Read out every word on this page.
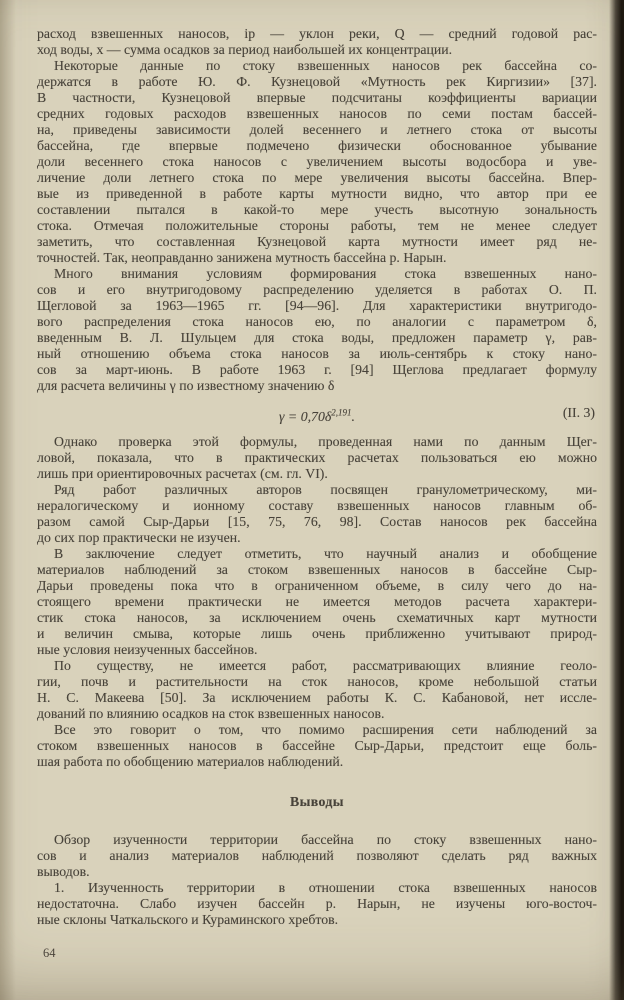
расход взвешенных наносов, iр — уклон реки, Q — средний годовой рас-
ход воды, х — сумма осадков за период наибольшей их концентрации.
Некоторые данные по стоку взвешенных наносов рек бассейна со-
держатся в работе Ю. Ф. Кузнецовой «Мутность рек Киргизии» [37].
В частности, Кузнецовой впервые подсчитаны коэффициенты вариации
средних годовых расходов взвешенных наносов по семи постам бассей-
на, приведены зависимости долей весеннего и летнего стока от высоты
бассейна, где впервые подмечено физически обоснованное убывание
доли весеннего стока наносов с увеличением высоты водосбора и уве-
личение доли летнего стока по мере увеличения высоты бассейна. Впер-
вые из приведенной в работе карты мутности видно, что автор при ее
составлении пытался в какой-то мере учесть высотную зональность
стока. Отмечая положительные стороны работы, тем не менее следует
заметить, что составленная Кузнецовой карта мутности имеет ряд не-
точностей. Так, неоправданно занижена мутность бассейна р. Нарын.
Много внимания условиям формирования стока взвешенных нано-
сов и его внутригодовому распределению уделяется в работах О. П.
Щегловой за 1963—1965 гг. [94—96]. Для характеристики внутригодо-
вого распределения стока наносов ею, по аналогии с параметром δ,
введенным В. Л. Шульцем для стока воды, предложен параметр γ, рав-
ный отношению объема стока наносов за июль-сентябрь к стоку нано-
сов за март-июнь. В работе 1963 г. [94] Щеглова предлагает формулу
для расчета величины γ по известному значению δ
$\gamma = 0,70\delta^{2,191}$.	(II. 3)
Однако проверка этой формулы, проведенная нами по данным Щег-
ловой, показала, что в практических расчетах пользоваться ею можно
лишь при ориентировочных расчетах (см. гл. VI).
Ряд работ различных авторов посвящен гранулометрическому, ми-
нералогическому и ионному составу взвешенных наносов главным об-
разом самой Сыр-Дарьи [15, 75, 76, 98]. Состав наносов рек бассейна
до сих пор практически не изучен.
В заключение следует отметить, что научный анализ и обобщение
материалов наблюдений за стоком взвешенных наносов в бассейне Сыр-
Дарьи проведены пока что в ограниченном объеме, в силу чего до на-
стоящего времени практически не имеется методов расчета характери-
стик стока наносов, за исключением очень схематичных карт мутности
и величин смыва, которые лишь очень приближенно учитывают природ-
ные условия неизученных бассейнов.
По существу, не имеется работ, рассматривающих влияние геоло-
гии, почв и растительности на сток наносов, кроме небольшой статьи
Н. С. Макеева [50]. За исключением работы К. С. Кабановой, нет иссле-
дований по влиянию осадков на сток взвешенных наносов.
Все это говорит о том, что помимо расширения сети наблюдений за
стоком взвешенных наносов в бассейне Сыр-Дарьи, предстоит еще боль-
шая работа по обобщению материалов наблюдений.
Выводы
Обзор изученности территории бассейна по стоку взвешенных нано-
сов и анализ материалов наблюдений позволяют сделать ряд важных
выводов.
1. Изученность территории в отношении стока взвешенных наносов
недостаточна. Слабо изучен бассейн р. Нарын, не изучены юго-восточ-
ные склоны Чаткальского и Кураминского хребтов.
64
